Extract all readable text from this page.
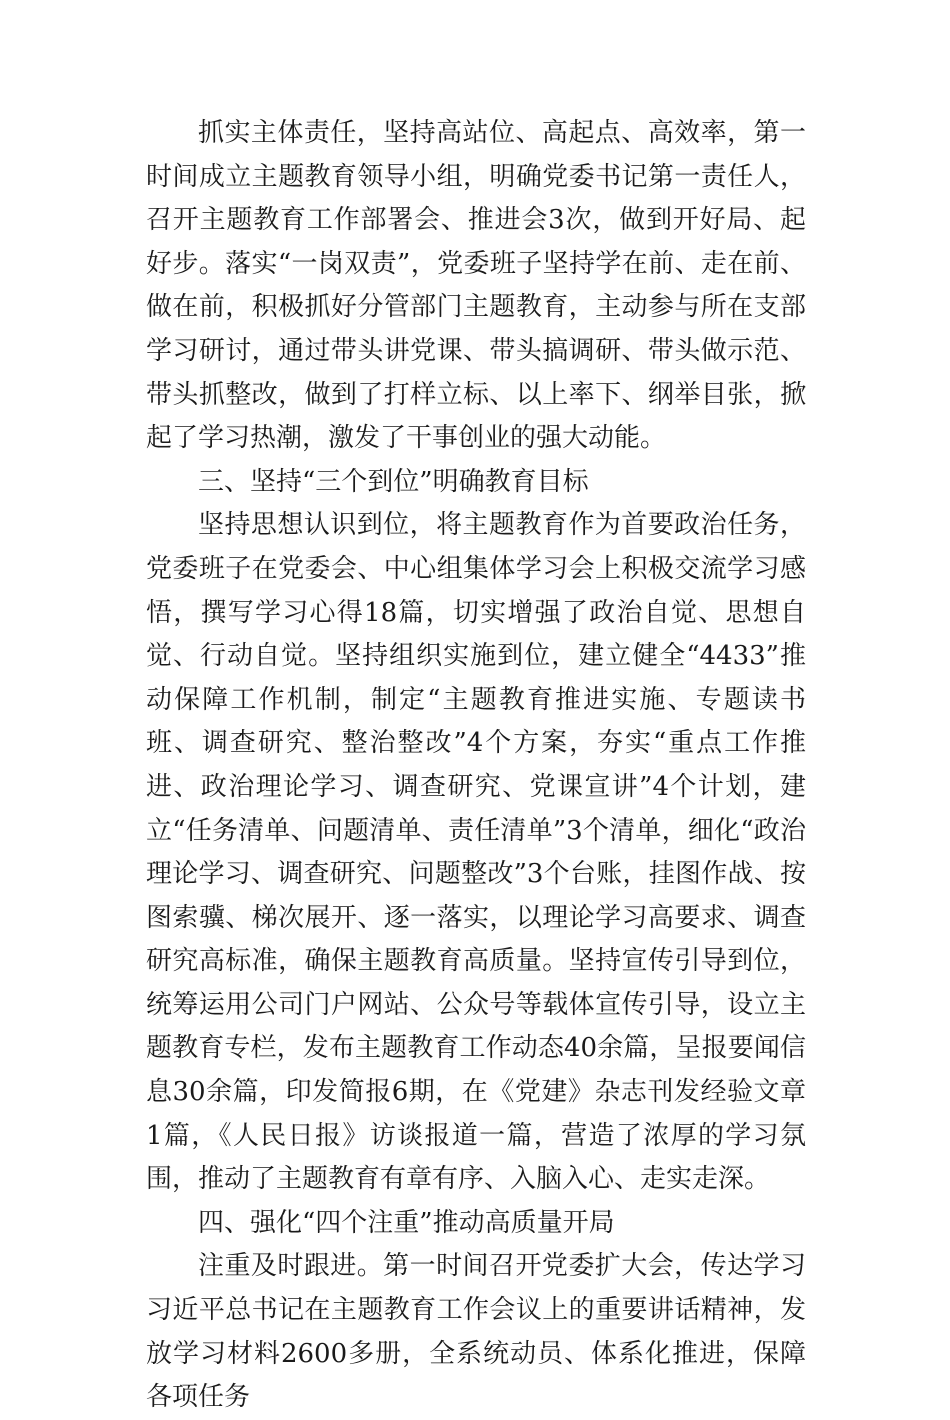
抓实主体责任，坚持高站位、高起点、高效率，第一时间成立主题教育领导小组，明确党委书记第一责任人，召开主题教育工作部署会、推进会3次，做到开好局、起好步。落实“一岗双责”，党委班子坚持学在前、走在前、做在前，积极抓好分管部门主题教育，主动参与所在支部学习研讨，通过带头讲党课、带头搞调研、带头做示范、带头抓整改，做到了打样立标、以上率下、纲举目张，掀起了学习热潮，激发了干事创业的强大动能。

三、坚持“三个到位”明确教育目标

坚持思想认识到位，将主题教育作为首要政治任务，党委班子在党委会、中心组集体学习会上积极交流学习感悟，撰写学习心得18篇，切实增强了政治自觉、思想自觉、行动自觉。坚持组织实施到位，建立健全“4433”推动保障工作机制，制定“主题教育推进实施、专题读书班、调查研究、整治整改”4个方案，夯实“重点工作推进、政治理论学习、调查研究、党课宣讲”4个计划，建立“任务清单、问题清单、责任清单”3个清单，细化“政治理论学习、调查研究、问题整改”3个台账，挂图作战、按图索骥、梯次展开、逐一落实，以理论学习高要求、调查研究高标准，确保主题教育高质量。坚持宣传引导到位，统筹运用公司门户网站、公众号等载体宣传引导，设立主题教育专栏，发布主题教育工作动态40余篇，呈报要闻信息30余篇，印发简报6期，在《党建》杂志刊发经验文章1篇，《人民日报》访谈报道一篇，营造了浓厚的学习氛围，推动了主题教育有章有序、入脑入心、走实走深。

四、强化“四个注重”推动高质量开局

注重及时跟进。第一时间召开党委扩大会，传达学习习近平总书记在主题教育工作会议上的重要讲话精神，发放学习材料2600多册，全系统动员、体系化推进，保障各项任务
